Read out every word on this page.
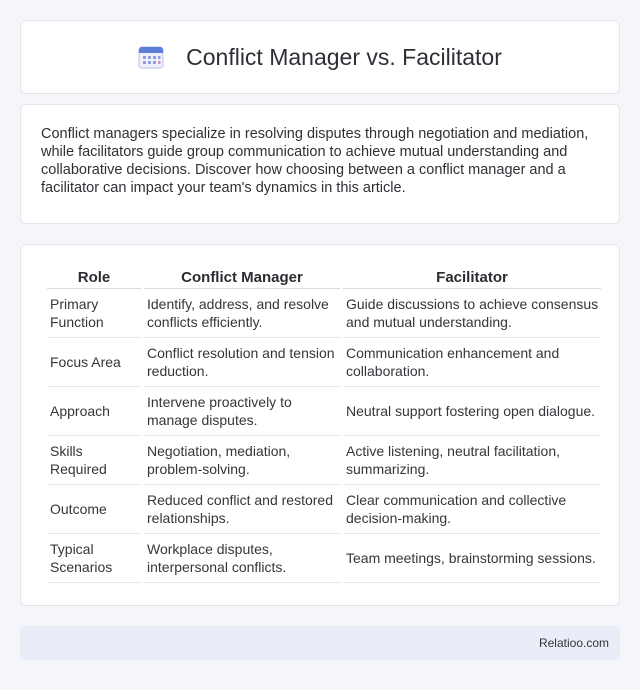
Conflict Manager vs. Facilitator

Conflict managers specialize in resolving disputes through negotiation and mediation, while facilitators guide group communication to achieve mutual understanding and collaborative decisions. Discover how choosing between a conflict manager and a facilitator can impact your team's dynamics in this article.

Role	Conflict Manager	Facilitator
Primary Function	Identify, address, and resolve conflicts efficiently.	Guide discussions to achieve consensus and mutual understanding.
Focus Area	Conflict resolution and tension reduction.	Communication enhancement and collaboration.
Approach	Intervene proactively to manage disputes.	Neutral support fostering open dialogue.
Skills Required	Negotiation, mediation, problem-solving.	Active listening, neutral facilitation, summarizing.
Outcome	Reduced conflict and restored relationships.	Clear communication and collective decision-making.
Typical Scenarios	Workplace disputes, interpersonal conflicts.	Team meetings, brainstorming sessions.
Relatioo.com
